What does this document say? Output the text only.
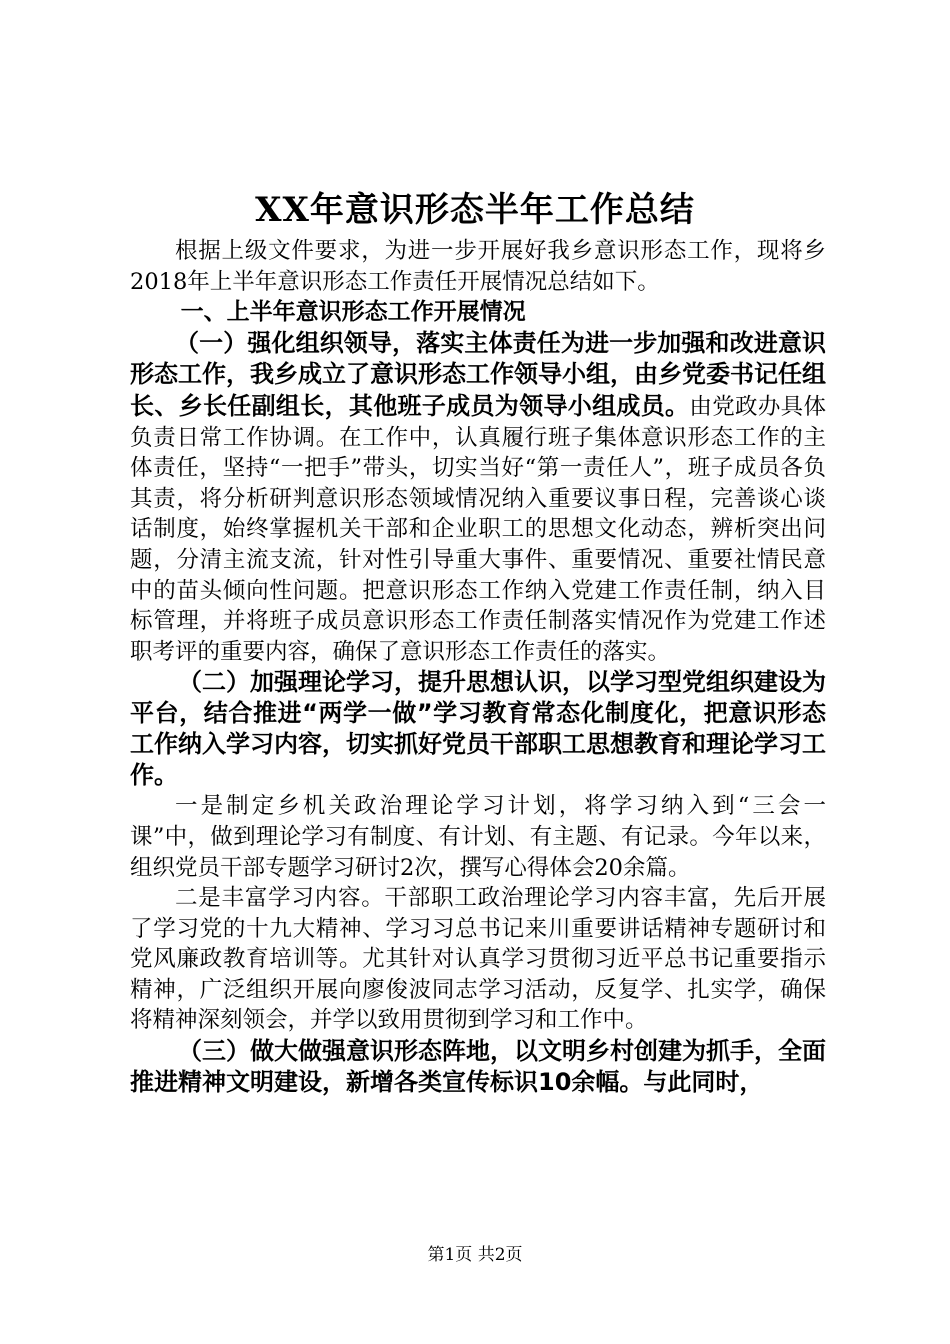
XX年意识形态半年工作总结

根据上级文件要求，为进一步开展好我乡意识形态工作，现将乡2018年上半年意识形态工作责任开展情况总结如下。

一、上半年意识形态工作开展情况

（一）强化组织领导，落实主体责任为进一步加强和改进意识形态工作，我乡成立了意识形态工作领导小组，由乡党委书记任组长、乡长任副组长，其他班子成员为领导小组成员。由党政办具体负责日常工作协调。在工作中，认真履行班子集体意识形态工作的主体责任，坚持“一把手”带头，切实当好“第一责任人”，班子成员各负其责，将分析研判意识形态领域情况纳入重要议事日程，完善谈心谈话制度，始终掌握机关干部和企业职工的思想文化动态，辨析突出问题，分清主流支流，针对性引导重大事件、重要情况、重要社情民意中的苗头倾向性问题。把意识形态工作纳入党建工作责任制，纳入目标管理，并将班子成员意识形态工作责任制落实情况作为党建工作述职考评的重要内容，确保了意识形态工作责任的落实。

（二）加强理论学习，提升思想认识，以学习型党组织建设为平台，结合推进“两学一做”学习教育常态化制度化，把意识形态工作纳入学习内容，切实抓好党员干部职工思想教育和理论学习工作。

一是制定乡机关政治理论学习计划，将学习纳入到“三会一课”中，做到理论学习有制度、有计划、有主题、有记录。今年以来，组织党员干部专题学习研讨2次，撰写心得体会20余篇。

二是丰富学习内容。干部职工政治理论学习内容丰富，先后开展了学习党的十九大精神、学习习总书记来川重要讲话精神专题研讨和党风廉政教育培训等。尤其针对认真学习贯彻习近平总书记重要指示精神，广泛组织开展向廖俊波同志学习活动，反复学、扎实学，确保将精神深刻领会，并学以致用贯彻到学习和工作中。

（三）做大做强意识形态阵地，以文明乡村创建为抓手，全面推进精神文明建设，新增各类宣传标识10余幅。与此同时，

第1页 共2页
